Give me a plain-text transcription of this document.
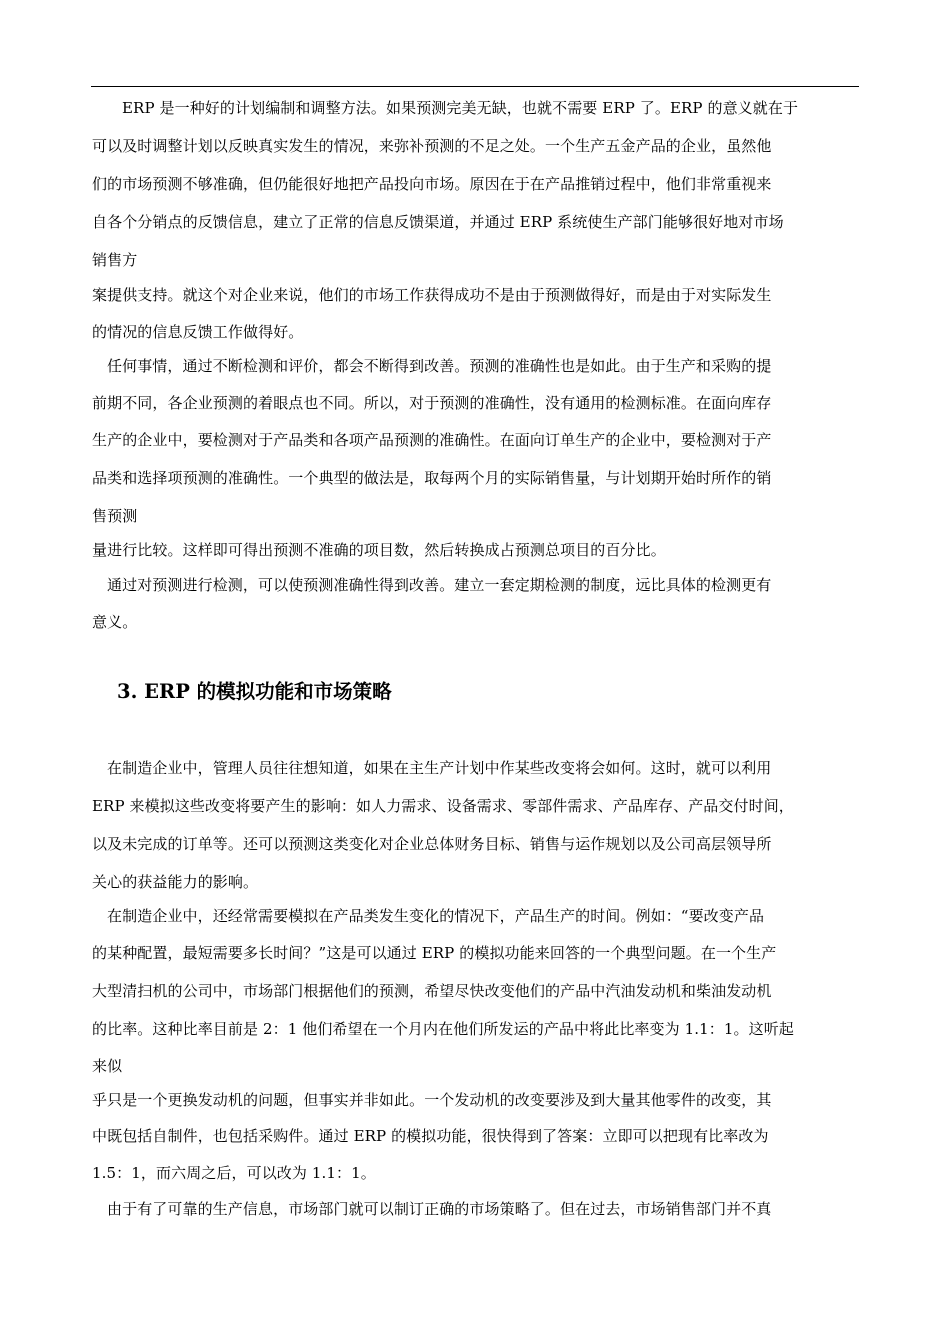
ERP 是一种好的计划编制和调整方法。如果预测完美无缺，也就不需要 ERP 了。ERP 的意义就在于
可以及时调整计划以反映真实发生的情况，来弥补预测的不足之处。一个生产五金产品的企业，虽然他
们的市场预测不够准确，但仍能很好地把产品投向市场。原因在于在产品推销过程中，他们非常重视来
自各个分销点的反馈信息，建立了正常的信息反馈渠道，并通过 ERP 系统使生产部门能够很好地对市场
销售方
案提供支持。就这个对企业来说，他们的市场工作获得成功不是由于预测做得好，而是由于对实际发生
的情况的信息反馈工作做得好。
任何事情，通过不断检测和评价，都会不断得到改善。预测的准确性也是如此。由于生产和采购的提
前期不同，各企业预测的着眼点也不同。所以，对于预测的准确性，没有通用的检测标准。在面向库存
生产的企业中，要检测对于产品类和各项产品预测的准确性。在面向订单生产的企业中，要检测对于产
品类和选择项预测的准确性。一个典型的做法是，取每两个月的实际销售量，与计划期开始时所作的销
售预测
量进行比较。这样即可得出预测不准确的项目数，然后转换成占预测总项目的百分比。
通过对预测进行检测，可以使预测准确性得到改善。建立一套定期检测的制度，远比具体的检测更有
意义。
3. ERP 的模拟功能和市场策略
在制造企业中，管理人员往往想知道，如果在主生产计划中作某些改变将会如何。这时，就可以利用
ERP 来模拟这些改变将要产生的影响：如人力需求、设备需求、零部件需求、产品库存、产品交付时间，
以及未完成的订单等。还可以预测这类变化对企业总体财务目标、销售与运作规划以及公司高层领导所
关心的获益能力的影响。
在制造企业中，还经常需要模拟在产品类发生变化的情况下，产品生产的时间。例如：“要改变产品
的某种配置，最短需要多长时间？”这是可以通过 ERP 的模拟功能来回答的一个典型问题。在一个生产
大型清扫机的公司中，市场部门根据他们的预测，希望尽快改变他们的产品中汽油发动机和柴油发动机
的比率。这种比率目前是 2：1 他们希望在一个月内在他们所发运的产品中将此比率变为 1.1：1。这听起
来似
乎只是一个更换发动机的问题，但事实并非如此。一个发动机的改变要涉及到大量其他零件的改变，其
中既包括自制件，也包括采购件。通过 ERP 的模拟功能，很快得到了答案：立即可以把现有比率改为
1.5：1，而六周之后，可以改为 1.1：1。
由于有了可靠的生产信息，市场部门就可以制订正确的市场策略了。但在过去，市场销售部门并不真
